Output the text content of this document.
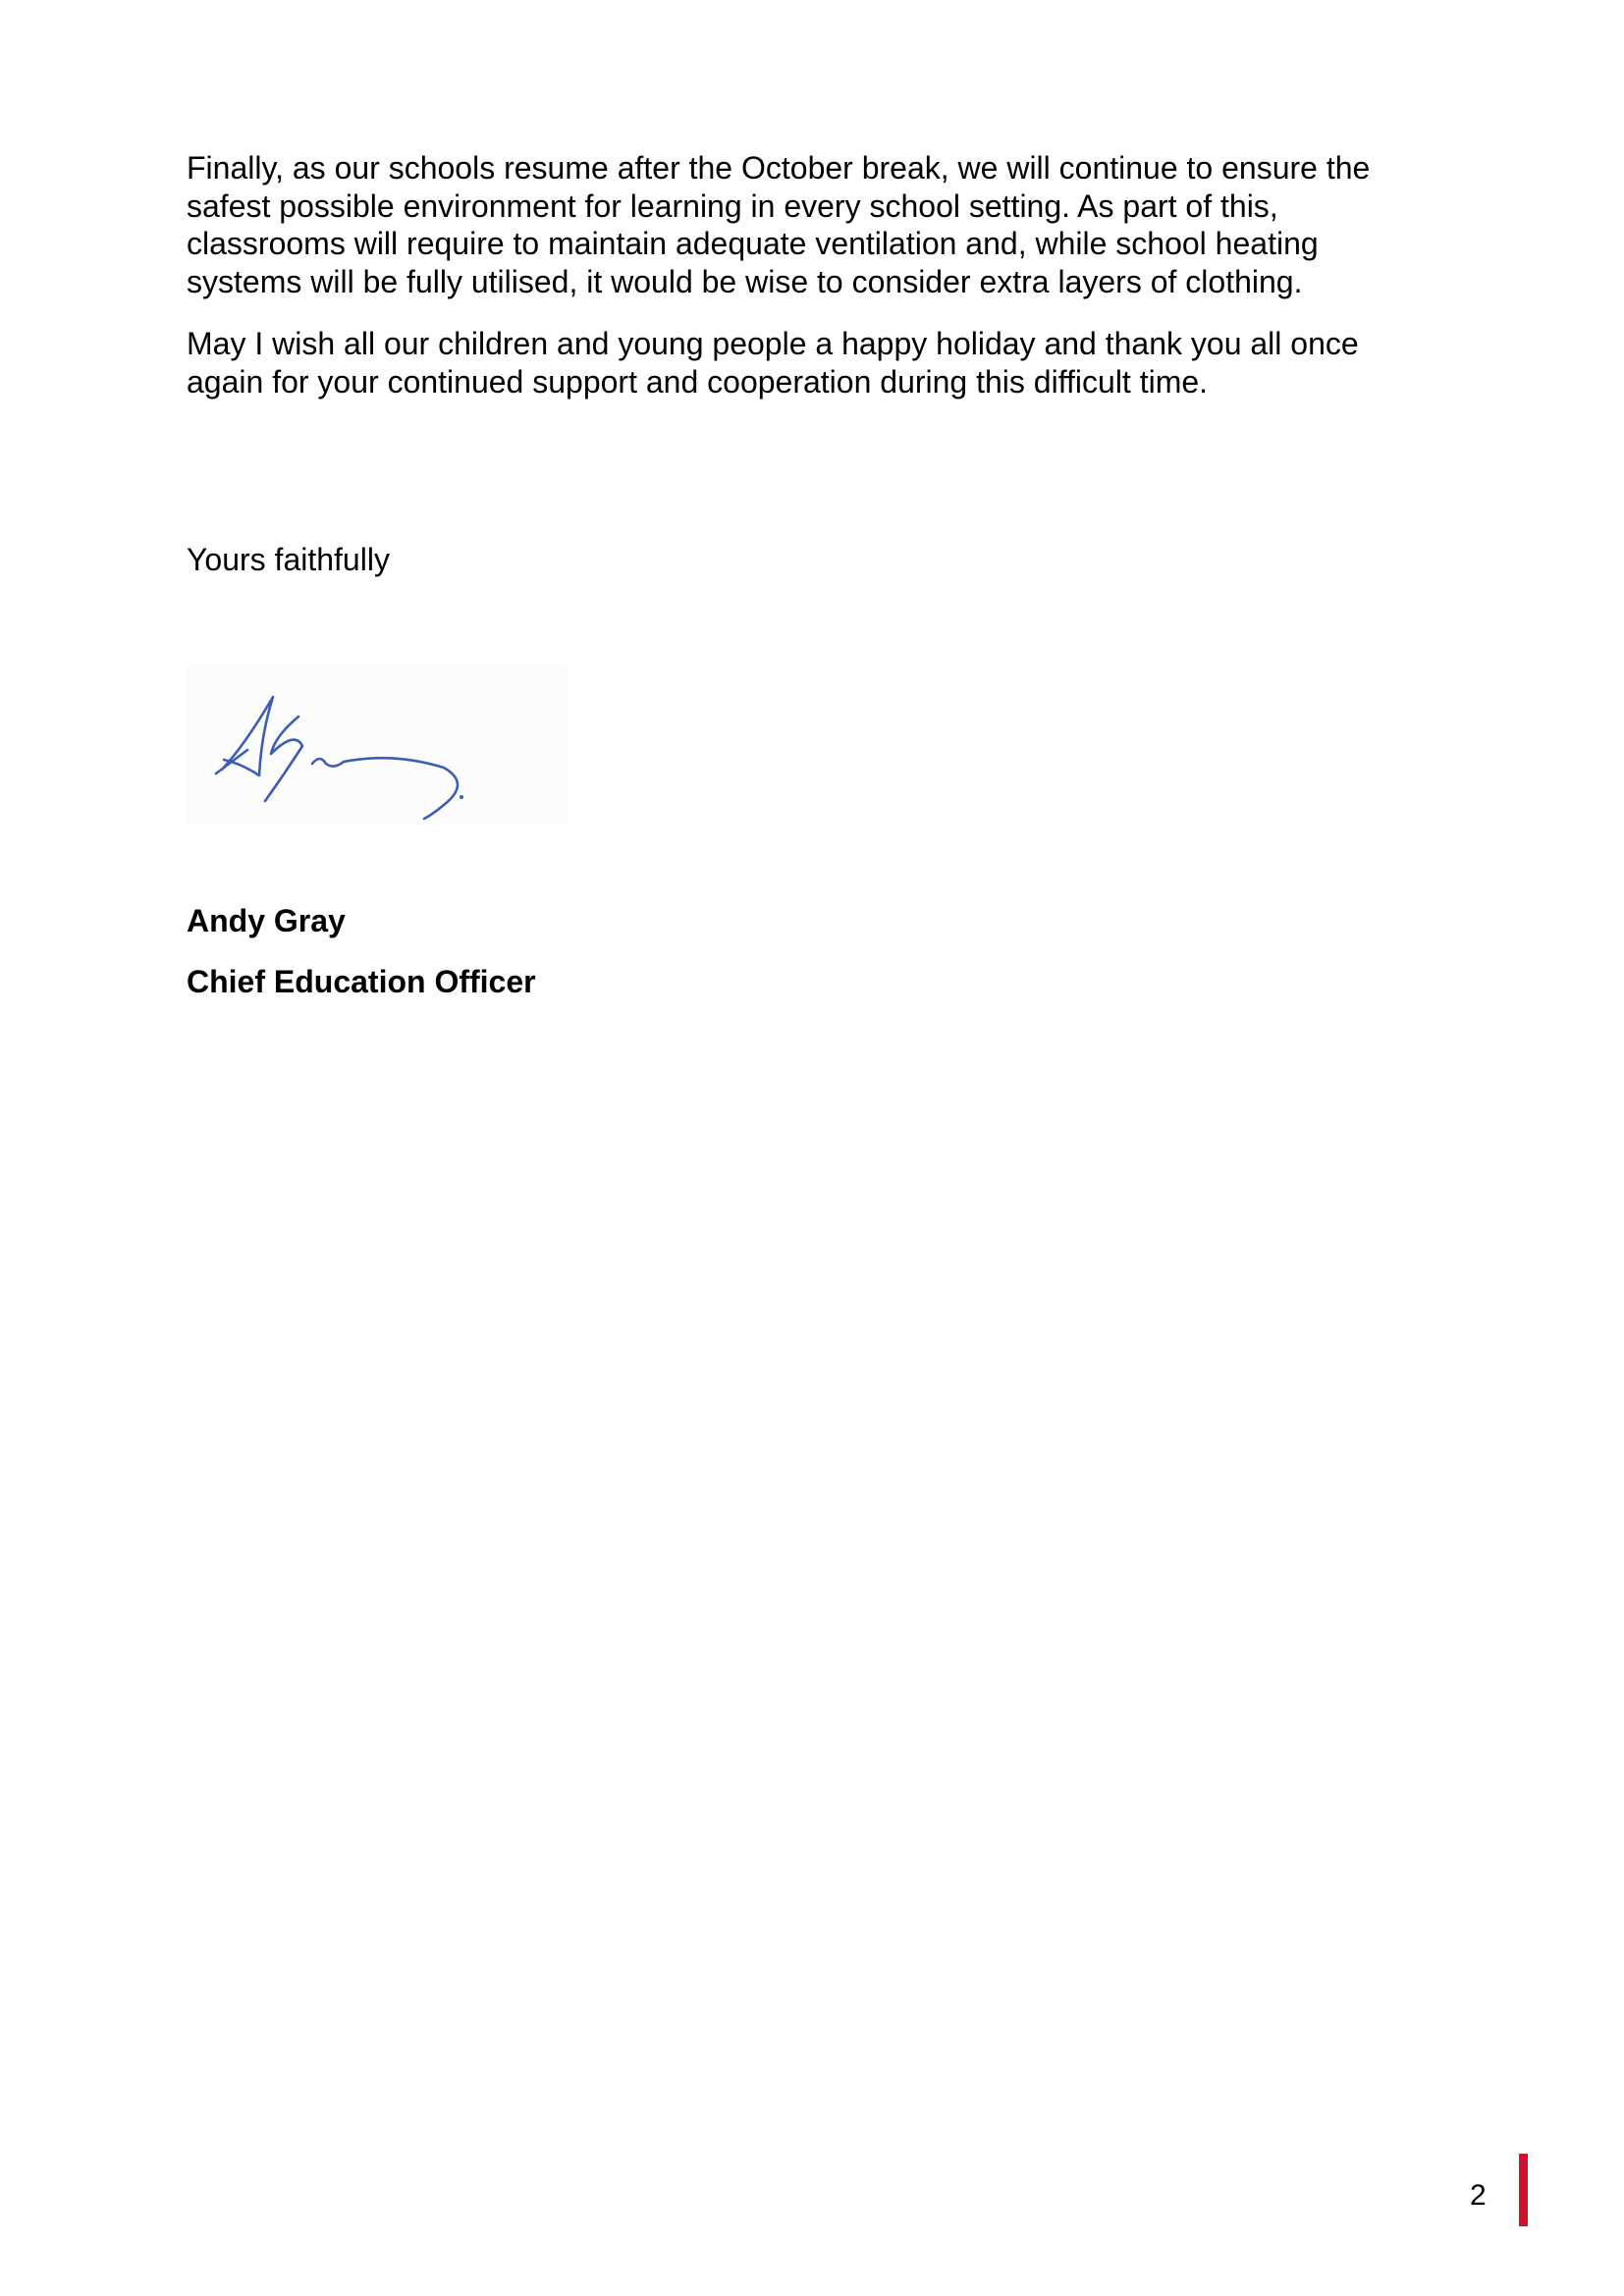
Finally, as our schools resume after the October break, we will continue to ensure the
safest possible environment for learning in every school setting. As part of this,
classrooms will require to maintain adequate ventilation and, while school heating
systems will be fully utilised, it would be wise to consider extra layers of clothing.
May I wish all our children and young people a happy holiday and thank you all once
again for your continued support and cooperation during this difficult time.
Yours faithfully
Andy Gray
Chief Education Officer
2
